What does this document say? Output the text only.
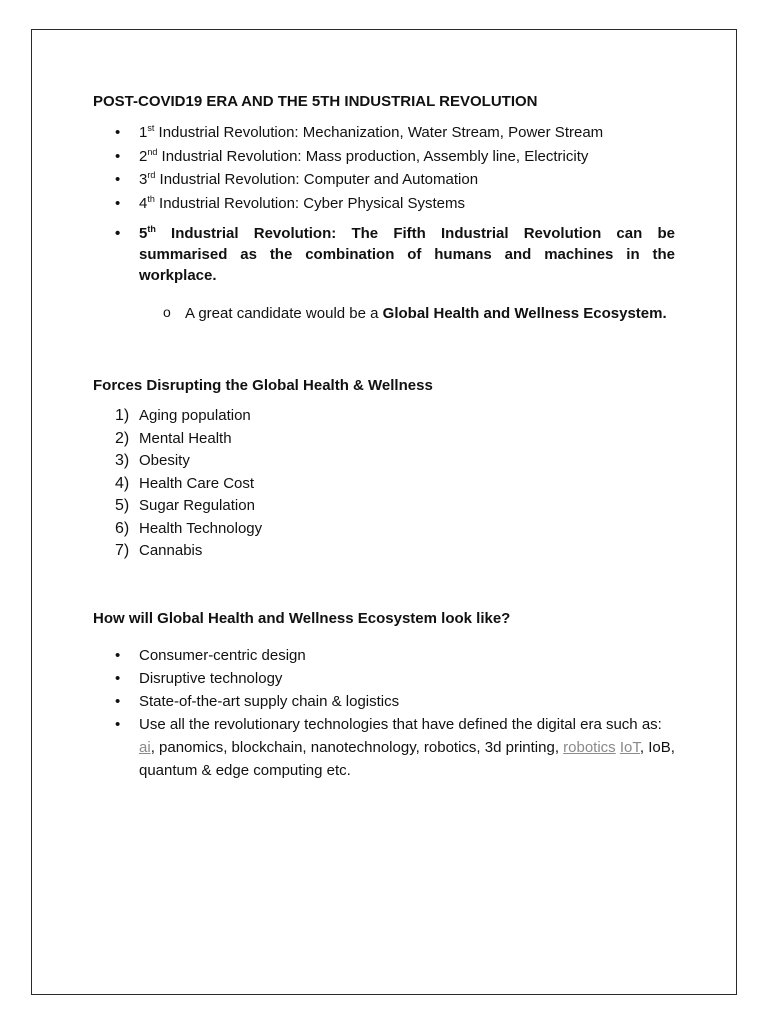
POST-COVID19 ERA AND THE 5TH INDUSTRIAL REVOLUTION

• 1st Industrial Revolution: Mechanization, Water Stream, Power Stream
• 2nd Industrial Revolution: Mass production, Assembly line, Electricity
• 3rd Industrial Revolution: Computer and Automation
• 4th Industrial Revolution: Cyber Physical Systems
• 5th Industrial Revolution: The Fifth Industrial Revolution can be summarised as the combination of humans and machines in the workplace.

o A great candidate would be a Global Health and Wellness Ecosystem.

Forces Disrupting the Global Health & Wellness

1) Aging population
2) Mental Health
3) Obesity
4) Health Care Cost
5) Sugar Regulation
6) Health Technology
7) Cannabis

How will Global Health and Wellness Ecosystem look like?

• Consumer-centric design
• Disruptive technology
• State-of-the-art supply chain & logistics
• Use all the revolutionary technologies that have defined the digital era such as: ai, panomics, blockchain, nanotechnology, robotics, 3d printing, robotics IoT, IoB, quantum & edge computing etc.
